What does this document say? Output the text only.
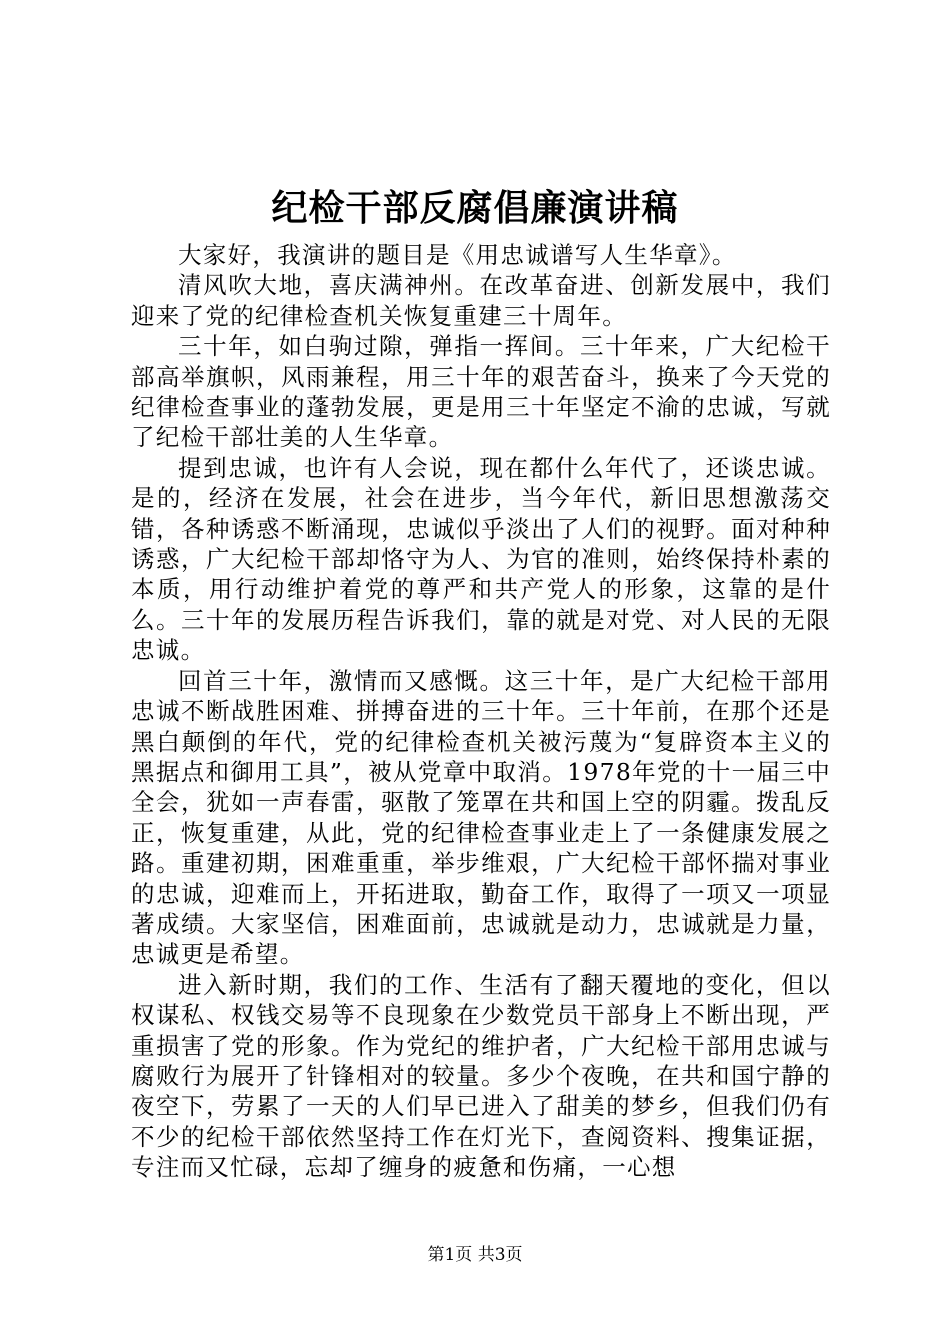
纪检干部反腐倡廉演讲稿

大家好，我演讲的题目是《用忠诚谱写人生华章》。

清风吹大地，喜庆满神州。在改革奋进、创新发展中，我们迎来了党的纪律检查机关恢复重建三十周年。

三十年，如白驹过隙，弹指一挥间。三十年来，广大纪检干部高举旗帜，风雨兼程，用三十年的艰苦奋斗，换来了今天党的纪律检查事业的蓬勃发展，更是用三十年坚定不渝的忠诚，写就了纪检干部壮美的人生华章。

提到忠诚，也许有人会说，现在都什么年代了，还谈忠诚。是的，经济在发展，社会在进步，当今年代，新旧思想激荡交错，各种诱惑不断涌现，忠诚似乎淡出了人们的视野。面对种种诱惑，广大纪检干部却恪守为人、为官的准则，始终保持朴素的本质，用行动维护着党的尊严和共产党人的形象，这靠的是什么。三十年的发展历程告诉我们，靠的就是对党、对人民的无限忠诚。

回首三十年，激情而又感慨。这三十年，是广大纪检干部用忠诚不断战胜困难、拼搏奋进的三十年。三十年前，在那个还是黑白颠倒的年代，党的纪律检查机关被污蔑为“复辟资本主义的黑据点和御用工具”，被从党章中取消。1978年党的十一届三中全会，犹如一声春雷，驱散了笼罩在共和国上空的阴霾。拨乱反正，恢复重建，从此，党的纪律检查事业走上了一条健康发展之路。重建初期，困难重重，举步维艰，广大纪检干部怀揣对事业的忠诚，迎难而上，开拓进取，勤奋工作，取得了一项又一项显著成绩。大家坚信，困难面前，忠诚就是动力，忠诚就是力量，忠诚更是希望。

进入新时期，我们的工作、生活有了翻天覆地的变化，但以权谋私、权钱交易等不良现象在少数党员干部身上不断出现，严重损害了党的形象。作为党纪的维护者，广大纪检干部用忠诚与腐败行为展开了针锋相对的较量。多少个夜晚，在共和国宁静的夜空下，劳累了一天的人们早已进入了甜美的梦乡，但我们仍有不少的纪检干部依然坚持工作在灯光下，查阅资料、搜集证据，专注而又忙碌，忘却了缠身的疲惫和伤痛，一心想

第1页 共3页
